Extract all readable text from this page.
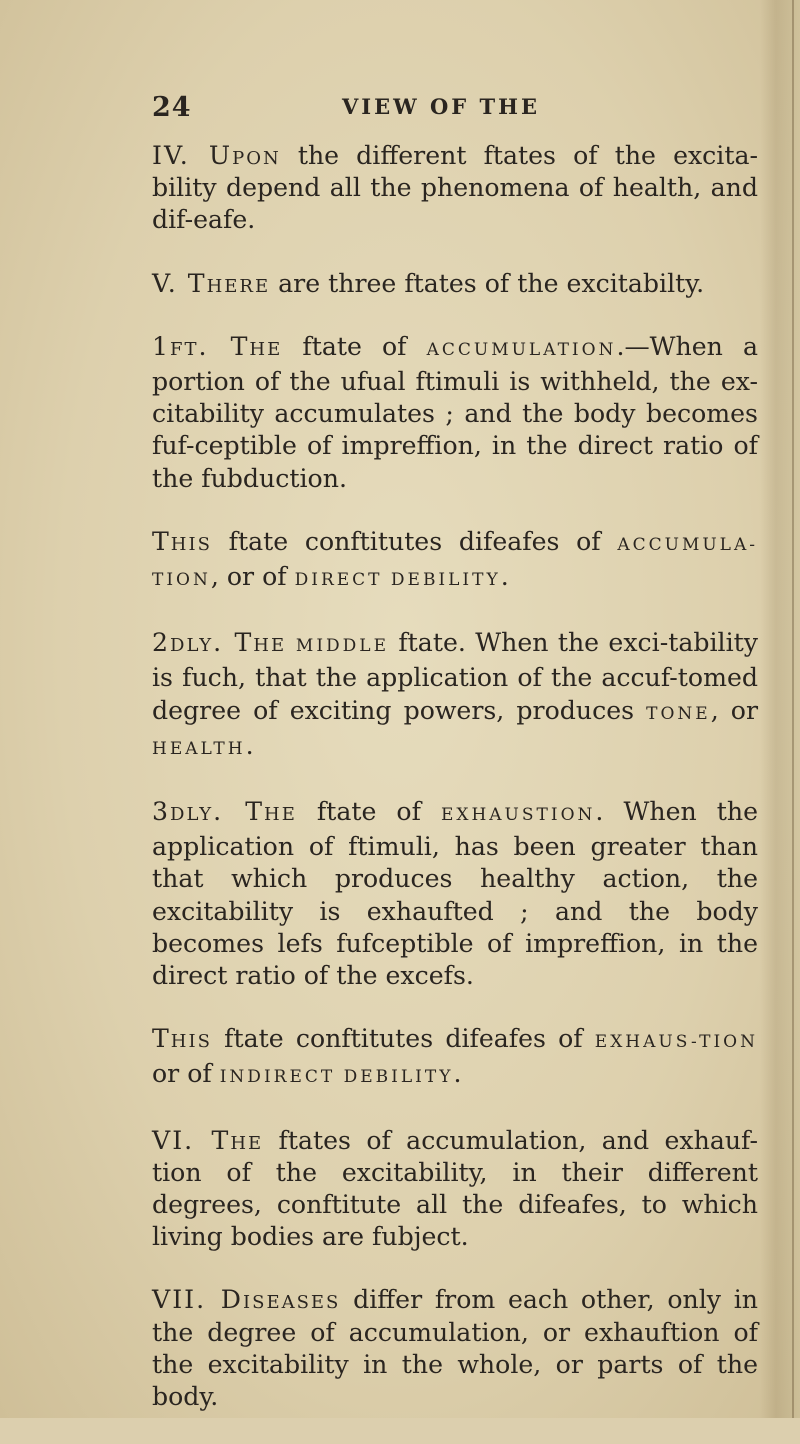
24	VIEW OF THE

IV. Upon the different ftates of the excita-bility depend all the phenomena of health, and dif-eafe.

V. There are three ftates of the excitabilty.

1ft. The ftate of ACCUMULATION.—When a portion of the ufual ftimuli is withheld, the ex-citability accumulates ; and the body becomes fuf-ceptible of impreffion, in the direct ratio of the fubduction.

This ftate conftitutes difeafes of ACCUMULA-TION, or of DIRECT DEBILITY.

2dly. The MIDDLE ftate. When the exci-tability is fuch, that the application of the accuf-tomed degree of exciting powers, produces TONE, or HEALTH.

3dly. The ftate of EXHAUSTION. When the application of ftimuli, has been greater than that which produces healthy action, the excitability is exhaufted ; and the body becomes lefs fufceptible of impreffion, in the direct ratio of the excefs.

This ftate conftitutes difeafes of EXHAUS-TION or of INDIRECT DEBILITY.

VI. The ftates of accumulation, and exhauf-tion of the excitability, in their different degrees, conftitute all the difeafes, to which living bodies are fubject.

VII. Diseases differ from each other, only in the degree of accumulation, or exhauftion of the excitability in the whole, or parts of the body.
